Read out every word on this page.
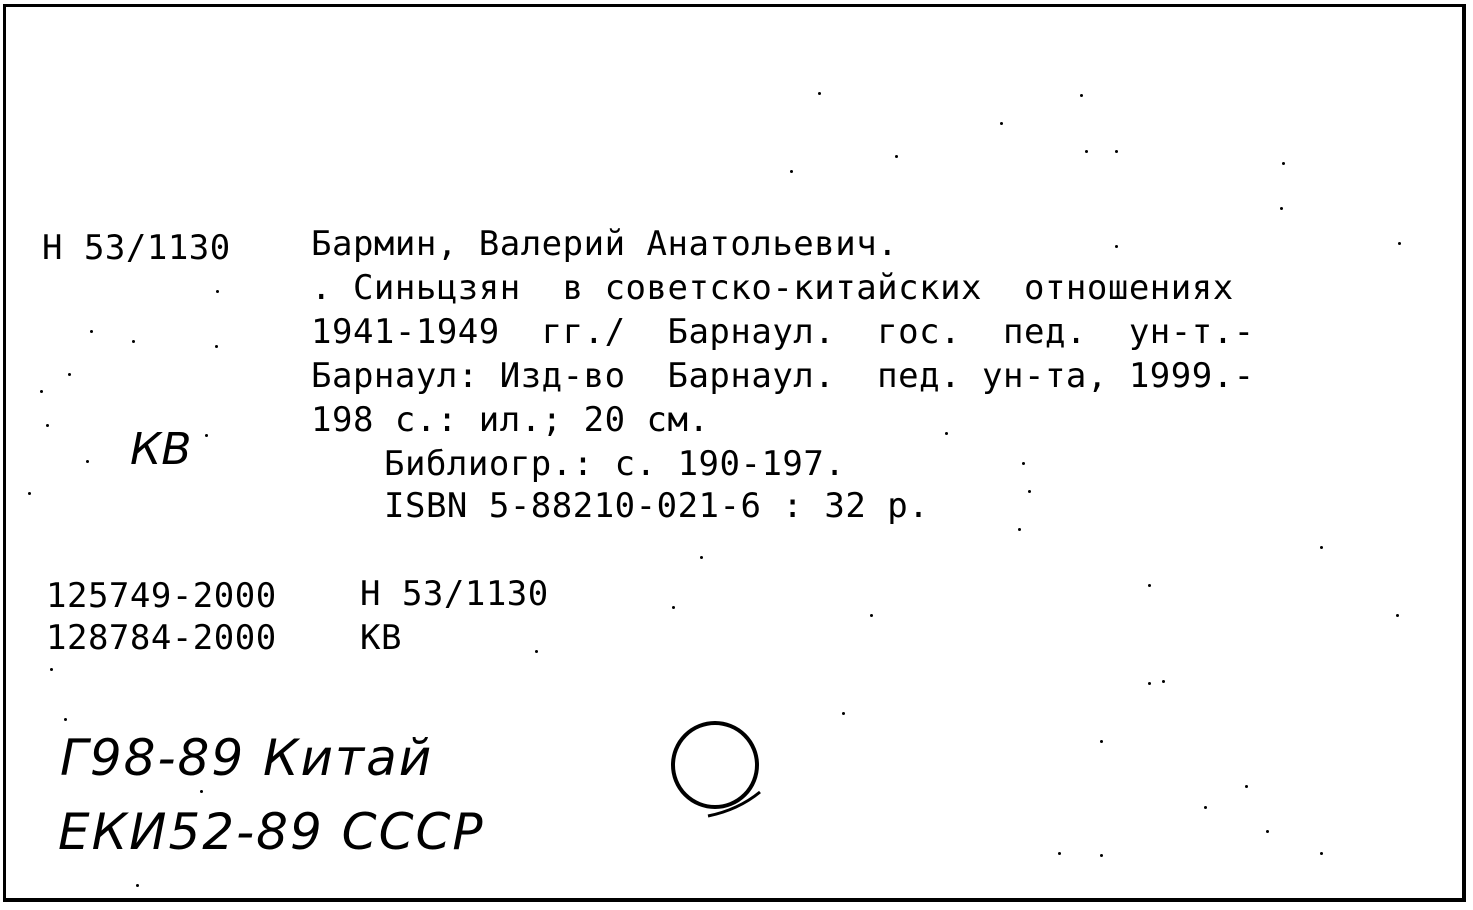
Н 53/1130 Бармин, Валерий Анатольевич.
. Синьцзян  в советско-китайских  отношениях
1941-1949  гг./  Барнаул.  гос.  пед.  ун-т.-
Барнаул: Изд-во  Барнаул.  пед. ун-та, 1999.-
198 с.: ил.; 20 см.
Библиогр.: с. 190-197.
ISBN 5-88210-021-6 : 32 р.
КВ
125749-2000 Н 53/1130
128784-2000 КВ
Г98-89 Китай
ЕКИ52-89 СССР
